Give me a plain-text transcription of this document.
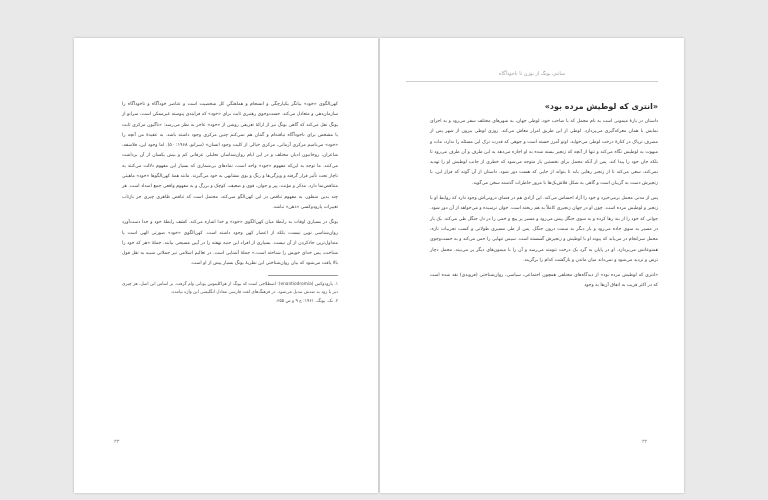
کهن‌الگوی «خود» بیانگر یکپارچگی و انسجام و هماهنگیِ کل شخصیت است و عناصر خودآگاه و ناخودآگاه را سازمان‌دهی و متعادل می‌کند. جست‌وجوی رهنبری ثابت برای «خود» که فرایندی پیوسته غیرممکن است، سرانو از یونگ نقل می‌کند که گاهی یونگ نیز از ارائهٔ تعریفی روشن از «خود» عاجز به نظر می‌رسد: «ناگیون مرکزی ثابت یا مشخص برای ناخودآگاه نیافته‌ام و گمان هم نمی‌کنم چنین مرکزی وجود داشته باشد. به عقیدهٔ من آنچه را «خود» می‌نامیم مرکزی آرمانی، مرکزی خیالی از کلیت وجود انسان» (سرانو، ۱۹۶۸: ۵۰). اما وجود این، فلاسفه، شاعران، روحانیون ادیان مختلف و در این ایام روان‌شناسان تحلیلی عرفانی کم و بیش یکسان از آن برداشت می‌کنند. ما توجه به این‌که مفهوم «خود» واحد است، نمادهای بی‌شماری که بسیار این مفهوم دلالت می‌کنند به ناچار تحت تأثیر قرار گرفته و ویژگی‌ها و رنگ و بوی مشابهی به خود می‌گیرند. مانند همهٔ کهن‌الگوها «خود» ماهیتی متناقض‌نما دارد. مذکر و مؤنث، پیر و جوان، قوی و ضعیف، کوچک و بزرگ و به مفهوم واقعی جمع اضداد است. هر چند بدین منظور، به مفهوم تناقض در این کهن‌الگو سی‌کند، محتمل است که تناقض ظاهری چیزی جز بازتاب تغییرات پارودوکسی «ذهن» نباشد.

یونگ در بسیاری اوقات به رابطهٔ میان کهن‌الگوی «خود» و خدا اشاره می‌کند. کشف رابطهٔ خود و خدا دست‌آورد روان‌شناسی نوین نیست، بلکه از اعصار کهن وجود داشته است. کهن‌الگوی «خود» صورتی الهی است یا متداول‌ترین جاذکردن از آن نیست. بسیاری از افراد این جنبه نهفته را در آیین مسیحی بیابند. جملهٔ «هر که خود را شناخت، پس خدای خویش را شناخته است.» جملهٔ آشنایی است. در تعالیم اسلامی نیز جملاتی شبیه به نقل قول بالا یافت می‌شود که بیان روان‌شناختی این نظریهٔ یونگ بسیار پیش از او است.

۱. پارودوکس (enantiodromia): اصطلاحی است که یونگ از هراکلیتوس یونانی وام گرفت. بر اساس این اصل، هر چیزی دیر یا زود به ضدش تبدیل می‌شود. در فرهنگ‌های لغت فارسی معادل انگلیسی این واژه نیامده.

۲. نک. یونگ، ۱۹۶۱: ج ۹ و ص ۳۵۵.

۳۳
سانتی یونگ از بوزن تا ناخودآگاه
«انتری که لوطیش مرده بود»

داستان در بارهٔ میمونی است به نام محمل که با صاحب خود، لوطی جهان، به شهرهای مختلف سفر می‌رود و به اجرای نمایش با همان معرکه‌گیری می‌پردازد. لوطی از این طریق امرار معاش می‌کند. روزی لوطی بیرون از شهر پس از مصرف تریاک در کنارهٔ درخت لوطی می‌خوابد. اوتو آمرز خسته است و جوهی که قدرت ترک این مسئله را ندارد، مات و مبهوت به لوطیش نگاه می‌کند و تنها از آنچه که زنجیر بسته شده به او اجازه می‌دهد به این طرف و آن طرف می‌رود تا بلکه جان خود را پیدا کند. پس از آنکه محمل برای نخستین بار متوجه می‌شود که خطری از جانب لوطیش او را تهدید نمی‌کند، سعی می‌کند تا از زنجیر رهایی یابد تا بتواند از جایی که هست دور شود. داستان از آن گونه که فراز این، با زنجیرش دست به گریبان است و گاهی به شکل فلاش‌بک‌ها با مرور خاطرات گذشته سخن می‌گوید.

پس از مدتی محمل برمی‌خیزد و خود را آزاد احساس می‌کند. این آزادی هم در فضای درونی‌اش وجود دارد که روابط او با زنجیر و لوطیش مرده است. چون او در جهان زنجیری کاملاً به هم ریخته است. جوان ترسیده و می‌خواهد از آن دور شود. جوانی که خود را از بند رها کرده و به سوی جنگل پیش می‌رود و مسیر پر پیچ و خمی را در دل جنگل طی می‌کند. یک بار در مسیر به سوی جاده می‌رود و بار دیگر به سمت درون جنگل. پس از طی مسیری طولانی و کسب تجربیات تازه، محمل سرانجام در می‌یابد که پیوند او با لوطیش و زنجیرش گسسته است. سپس تنهایی را حس می‌کند و به جست‌وجوی همنوعانش می‌پردازد. او در پایان به گرد یک درخت تنومند می‌رسد و آن را با میمون‌های دیگر پر می‌بیند. محمل دچار ترس و تردید می‌شود و نمی‌داند میان ماندن و بازگشت کدام را برگزیند.

«انتری که لوطیش مرده بود» از دیدگاه‌های مختلفی همچون اجتماعی، سیاسی، روان‌شناختی (فرویدی) نقد شده است که در اکثر قریب به اتفاق آن‌ها به وجود

۳۲
